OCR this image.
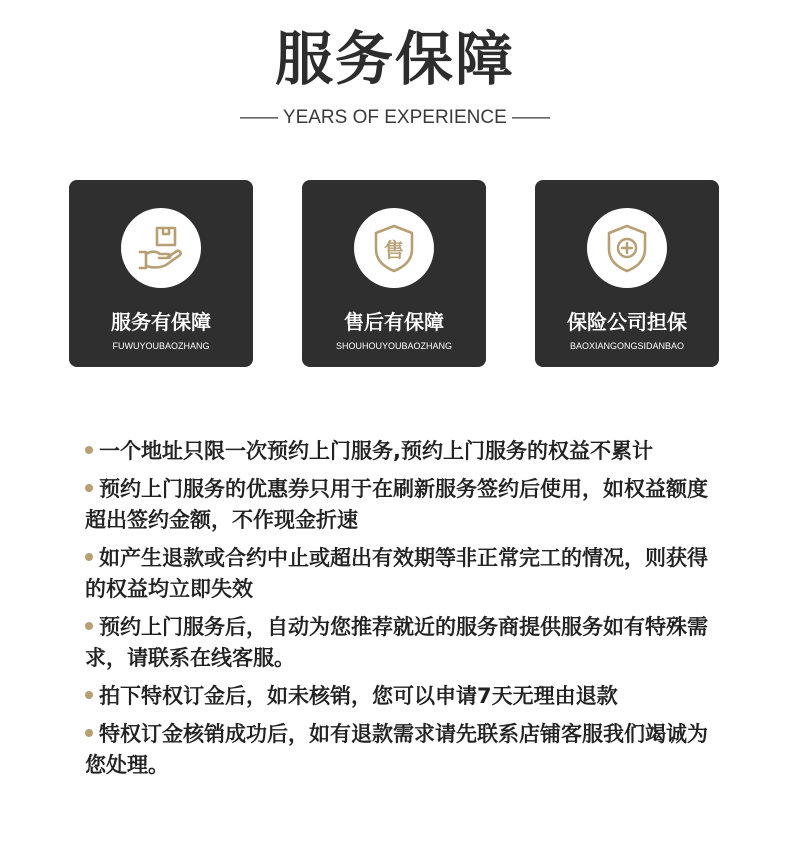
服务保障
—— YEARS OF EXPERIENCE ——
服务有保障
FUWUYOUBAOZHANG
售
售后有保障
SHOUHOUYOUBAOZHANG
保险公司担保
BAOXIANGONGSIDANBAO
一个地址只限一次预约上门服务,预约上门服务的权益不累计
预约上门服务的优惠券只用于在刷新服务签约后使用，如权益额度超出签约金额，不作现金折速
如产生退款或合约中止或超出有效期等非正常完工的情况，则获得的权益均立即失效
预约上门服务后，自动为您推荐就近的服务商提供服务如有特殊需求，请联系在线客服。
拍下特权订金后，如未核销，您可以申请7天无理由退款
特权订金核销成功后，如有退款需求请先联系店铺客服我们竭诚为您处理。
